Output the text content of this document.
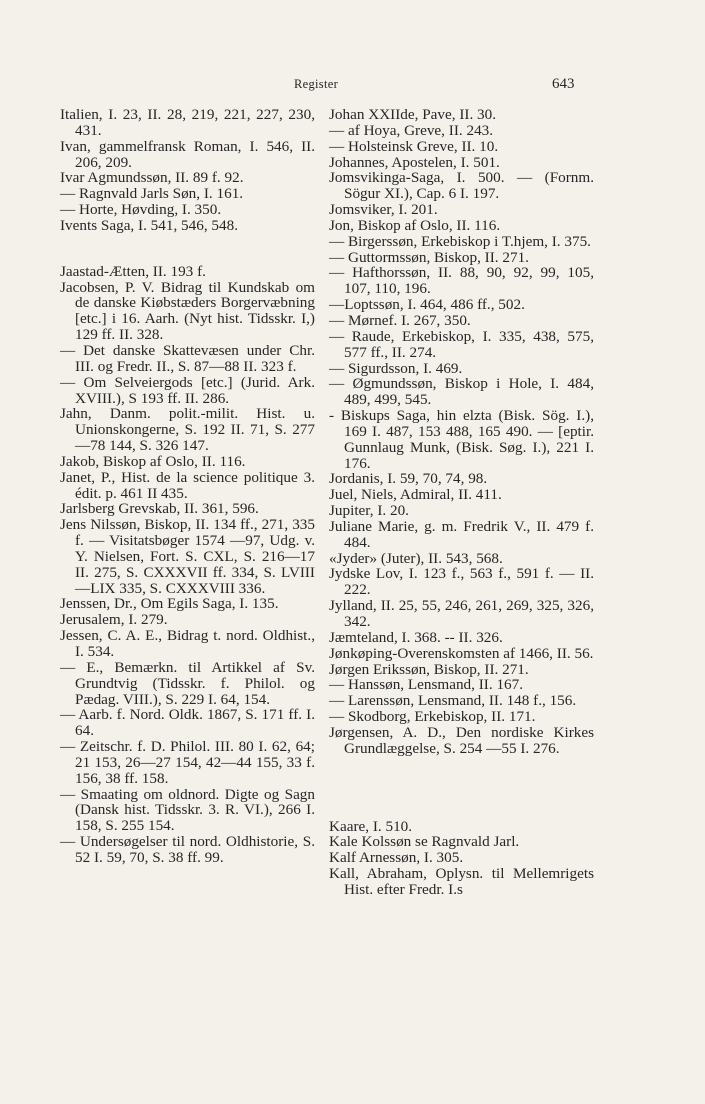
Register	643
Italien, I. 23, II. 28, 219, 221, 227, 230, 431.
Ivan, gammelfransk Roman, I. 546, II. 206, 209.
Ivar Agmundssøn, II. 89 f. 92.
— Ragnvald Jarls Søn, I. 161.
— Horte, Høvding, I. 350.
Ivents Saga, I. 541, 546, 548.
Jaastad-Ætten, II. 193 f.
Jacobsen, P. V. Bidrag til Kundskab om de danske Kiøbstæders Borgervæbning [etc.] i 16. Aarh. (Nyt hist. Tidsskr. I,) 129 ff. II. 328.
— Det danske Skattevæsen under Chr. III. og Fredr. II., S. 87—88 II. 323 f.
— Om Selveiergods [etc.] (Jurid. Ark. XVIII.), S 193 ff. II. 286.
Jahn, Danm. polit.-milit. Hist. u. Unionskongerne, S. 192 II. 71, S. 277—78 144, S. 326 147.
Jakob, Biskop af Oslo, II. 116.
Janet, P., Hist. de la science politique 3. édit. p. 461 II 435.
Jarlsberg Grevskab, II. 361, 596.
Jens Nilssøn, Biskop, II. 134 ff., 271, 335 f. — Visitatsbøger 1574 —97, Udg. v. Y. Nielsen, Fort. S. CXL, S. 216—17 II. 275, S. CXXXVII ff. 334, S. LVIII—LIX 335, S. CXXXVIII 336.
Jenssen, Dr., Om Egils Saga, I. 135.
Jerusalem, I. 279.
Jessen, C. A. E., Bidrag t. nord. Oldhist., I. 534.
— E., Bemærkn. til Artikkel af Sv. Grundtvig (Tidsskr. f. Philol. og Pædag. VIII.), S. 229 I. 64, 154.
— Aarb. f. Nord. Oldk. 1867, S. 171 ff. I. 64.
— Zeitschr. f. D. Philol. III. 80 I. 62, 64; 21 153, 26—27 154, 42—44 155, 33 f. 156, 38 ff. 158.
— Smaating om oldnord. Digte og Sagn (Dansk hist. Tidsskr. 3. R. VI.), 266 I. 158, S. 255 154.
— Undersøgelser til nord. Oldhistorie, S. 52 I. 59, 70, S. 38 ff. 99.
Johan XXIIde, Pave, II. 30.
— af Hoya, Greve, II. 243.
— Holsteinsk Greve, II. 10.
Johannes, Apostelen, I. 501.
Jomsvikinga-Saga, I. 500. — (Fornm. Sögur XI.), Cap. 6 I. 197.
Jomsviker, I. 201.
Jon, Biskop af Oslo, II. 116.
— Birgerssøn, Erkebiskop i T.hjem, I. 375.
— Guttormssøn, Biskop, II. 271.
— Hafthorssøn, II. 88, 90, 92, 99, 105, 107, 110, 196.
—Loptssøn, I. 464, 486 ff., 502.
— Mørnef. I. 267, 350.
— Raude, Erkebiskop, I. 335, 438, 575, 577 ff., II. 274.
— Sigurdsson, I. 469.
— Øgmundssøn, Biskop i Hole, I. 484, 489, 499, 545.
- Biskups Saga, hin elzta (Bisk. Sög. I.), 169 I. 487, 153 488, 165 490. — [eptir. Gunnlaug Munk, (Bisk. Søg. I.), 221 I. 176.
Jordanis, I. 59, 70, 74, 98.
Juel, Niels, Admiral, II. 411.
Jupiter, I. 20.
Juliane Marie, g. m. Fredrik V., II. 479 f. 484.
«Jyder» (Juter), II. 543, 568.
Jydske Lov, I. 123 f., 563 f., 591 f. — II. 222.
Jylland, II. 25, 55, 246, 261, 269, 325, 326, 342.
Jæmteland, I. 368. -- II. 326.
Jønkøping-Overenskomsten af 1466, II. 56.
Jørgen Erikssøn, Biskop, II. 271.
— Hanssøn, Lensmand, II. 167.
— Larenssøn, Lensmand, II. 148 f., 156.
— Skodborg, Erkebiskop, II. 171.
Jørgensen, A. D., Den nordiske Kirkes Grundlæggelse, S. 254 —55 I. 276.
Kaare, I. 510.
Kale Kolssøn se Ragnvald Jarl.
Kalf Arnessøn, I. 305.
Kall, Abraham, Oplysn. til Mellemrigets Hist. efter Fredr. I.s
